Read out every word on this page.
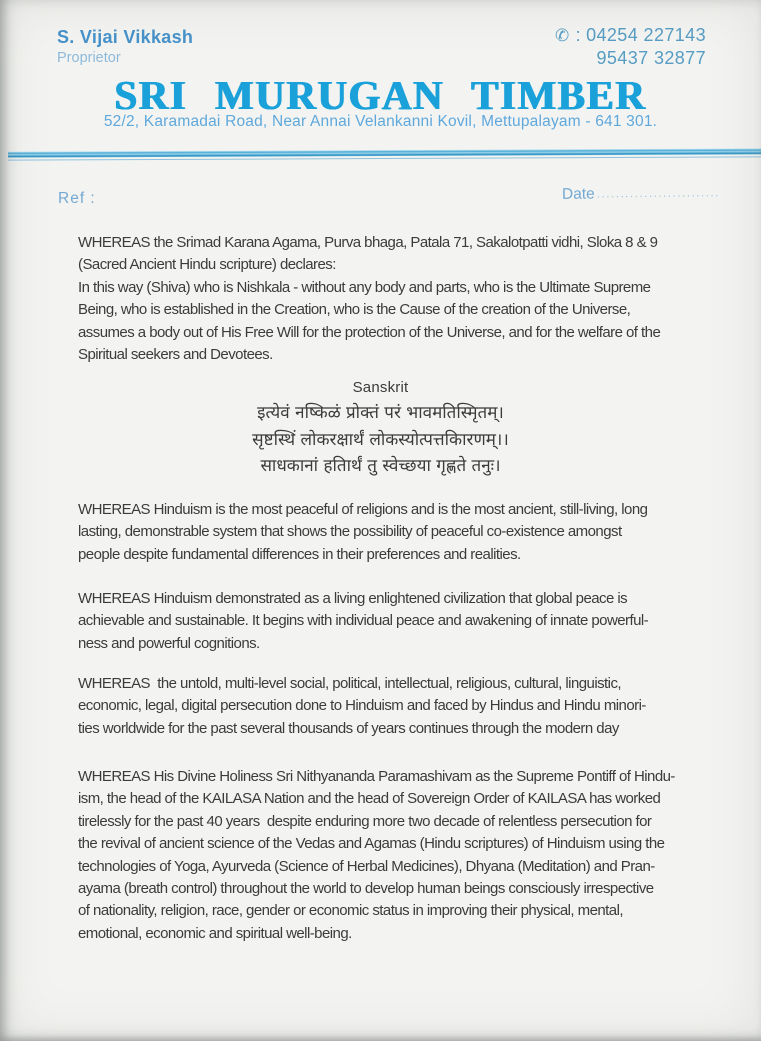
S. Vijai Vikkash
Proprietor
✆ : 04254 227143
95437 32877
SRI MURUGAN TIMBER
52/2, Karamadai Road, Near Annai Velankanni Kovil, Mettupalayam - 641 301.
Ref :	Date ..........................
WHEREAS the Srimad Karana Agama, Purva bhaga, Patala 71, Sakalotpatti vidhi, Sloka 8 & 9
(Sacred Ancient Hindu scripture) declares:
In this way (Shiva) who is Nishkala - without any body and parts, who is the Ultimate Supreme
Being, who is established in the Creation, who is the Cause of the creation of the Universe,
assumes a body out of His Free Will for the protection of the Universe, and for the welfare of the
Spiritual seekers and Devotees.
Sanskrit
इत्येवं नष्किळं प्रोक्तं परं भावमतिस्मिृतम्।
सृष्टस्थिं लोकरक्षार्थं लोकस्योत्पत्तकिारणम्।।
साधकानां हतिार्थं तु स्वेच्छया गृह्णते तनुः।
WHEREAS Hinduism is the most peaceful of religions and is the most ancient, still-living, long
lasting, demonstrable system that shows the possibility of peaceful co-existence amongst
people despite fundamental differences in their preferences and realities.
WHEREAS Hinduism demonstrated as a living enlightened civilization that global peace is
achievable and sustainable. It begins with individual peace and awakening of innate powerful-
ness and powerful cognitions.
WHEREAS  the untold, multi-level social, political, intellectual, religious, cultural, linguistic,
economic, legal, digital persecution done to Hinduism and faced by Hindus and Hindu minori-
ties worldwide for the past several thousands of years continues through the modern day
WHEREAS His Divine Holiness Sri Nithyananda Paramashivam as the Supreme Pontiff of Hindu-
ism, the head of the KAILASA Nation and the head of Sovereign Order of KAILASA has worked
tirelessly for the past 40 years  despite enduring more two decade of relentless persecution for
the revival of ancient science of the Vedas and Agamas (Hindu scriptures) of Hinduism using the
technologies of Yoga, Ayurveda (Science of Herbal Medicines), Dhyana (Meditation) and Pran-
ayama (breath control) throughout the world to develop human beings consciously irrespective
of nationality, religion, race, gender or economic status in improving their physical, mental,
emotional, economic and spiritual well-being.
